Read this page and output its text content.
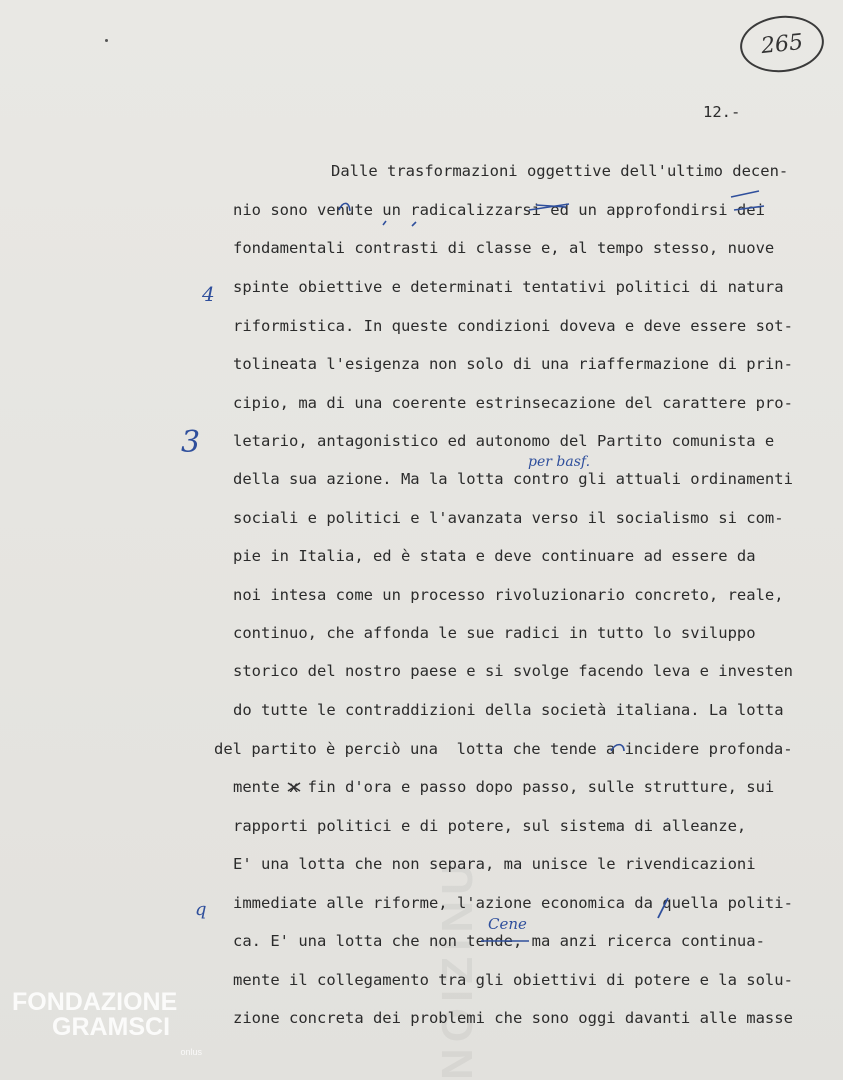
NOIZİNU
265
12.-
Dalle trasformazioni oggettive dell'ultimo decen-
nio sono venute un radicalizzarsi ed un approfondirsi dei
fondamentali contrasti di classe e, al tempo stesso, nuove
spinte obiettive e determinati tentativi politici di natura
riformistica. In queste condizioni doveva e deve essere sot-
tolineata l'esigenza non solo di una riaffermazione di prin-
cipio, ma di una coerente estrinsecazione del carattere pro-
letario, antagonistico ed autonomo del Partito comunista e
della sua azione. Ma la lotta contro gli attuali ordinamenti
sociali e politici e l'avanzata verso il socialismo si com-
pie in Italia, ed è stata e deve continuare ad essere da
noi intesa come un processo rivoluzionario concreto, reale,
continuo, che affonda le sue radici in tutto lo sviluppo
storico del nostro paese e si svolge facendo leva e investen
do tutte le contraddizioni della società italiana. La lotta
del partito è perciò una  lotta che tende a incidere profonda-
mente x fin d'ora e passo dopo passo, sulle strutture, sui
rapporti politici e di potere, sul sistema di alleanze,
E' una lotta che non separa, ma unisce le rivendicazioni
immediate alle riforme, l'azione economica da quella politi-
ca. E' una lotta che non tende, ma anzi ricerca continua-
mente il collegamento tra gli obiettivi di potere e la solu-
zione concreta dei problemi che sono oggi davanti alle masse
per basf.
Cene
4
3
q
FONDAZIONE
GRAMSCI
onlus
